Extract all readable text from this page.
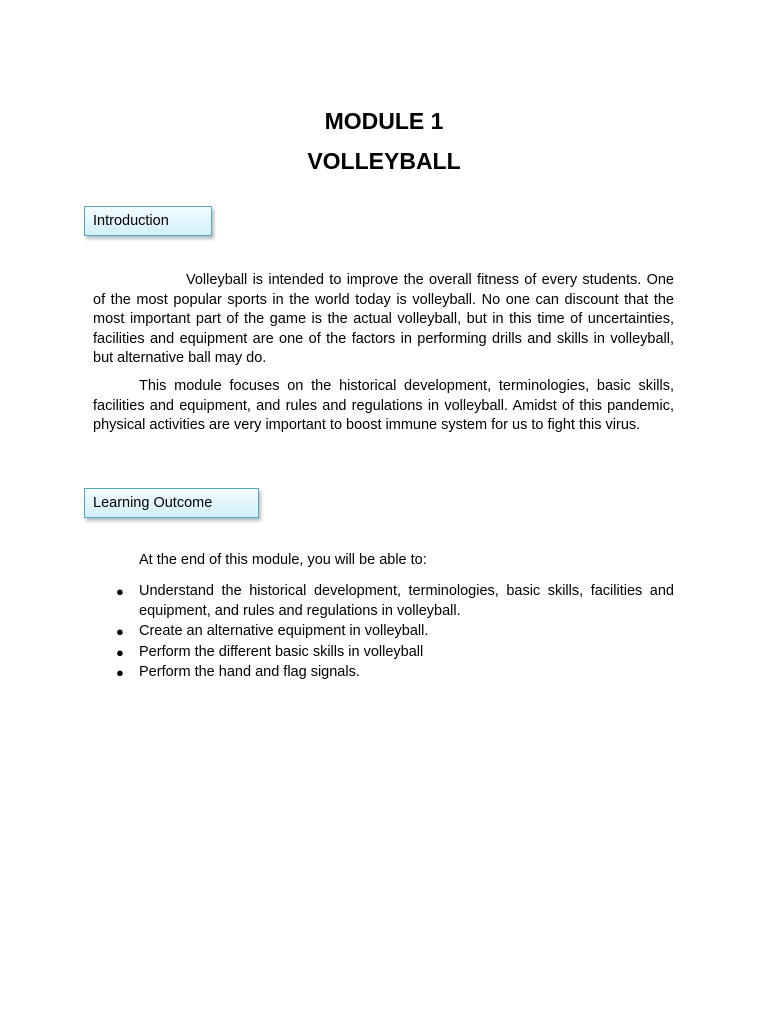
MODULE 1
VOLLEYBALL
Introduction

Volleyball is intended to improve the overall fitness of every students. One of the most popular sports in the world today is volleyball. No one can discount that the most important part of the game is the actual volleyball, but in this time of uncertainties, facilities and equipment are one of the factors in performing drills and skills in volleyball, but alternative ball may do.

This module focuses on the historical development, terminologies, basic skills, facilities and equipment, and rules and regulations in volleyball. Amidst of this pandemic, physical activities are very important to boost immune system for us to fight this virus.

Learning Outcome

At the end of this module, you will be able to:

● Understand the historical development, terminologies, basic skills, facilities and equipment, and rules and regulations in volleyball.
● Create an alternative equipment in volleyball.
● Perform the different basic skills in volleyball
● Perform the hand and flag signals.
